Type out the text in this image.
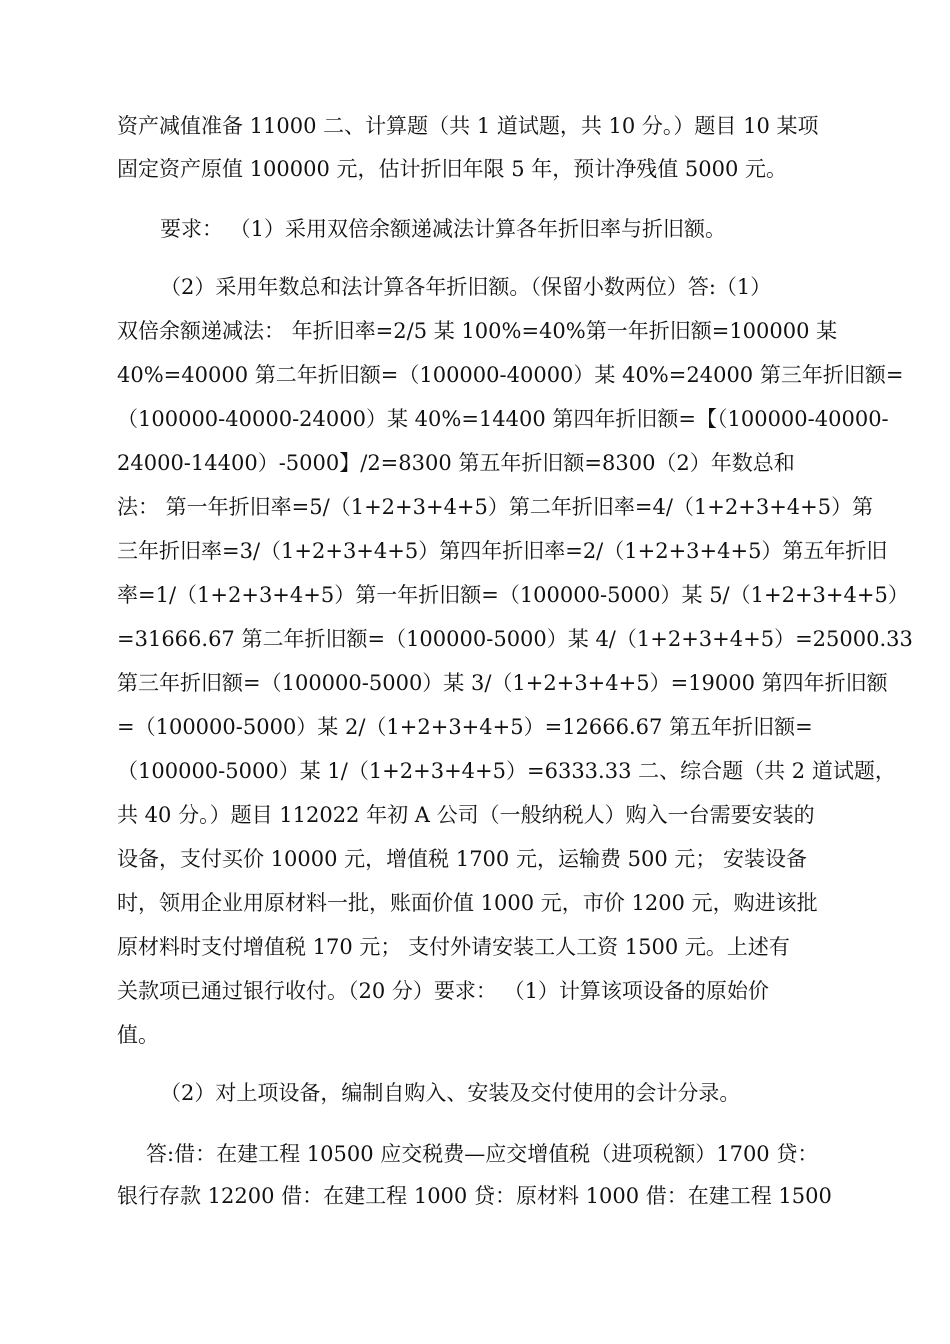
资产减值准备 11000 二、计算题（共 1 道试题，共 10 分。）题目 10 某项
固定资产原值 100000 元，估计折旧年限 5 年，预计净残值 5000 元。
要求： （1）采用双倍余额递减法计算各年折旧率与折旧额。
（2）采用年数总和法计算各年折旧额。（保留小数两位）答:（1）
双倍余额递减法： 年折旧率=2/5 某 100%=40%第一年折旧额=100000 某
40%=40000 第二年折旧额=（100000-40000）某 40%=24000 第三年折旧额=
（100000-40000-24000）某 40%=14400 第四年折旧额=【（100000-40000-
24000-14400）-5000】/2=8300 第五年折旧额=8300（2）年数总和
法： 第一年折旧率=5/（1+2+3+4+5）第二年折旧率=4/（1+2+3+4+5）第
三年折旧率=3/（1+2+3+4+5）第四年折旧率=2/（1+2+3+4+5）第五年折旧
率=1/（1+2+3+4+5）第一年折旧额=（100000-5000）某 5/（1+2+3+4+5）
=31666.67 第二年折旧额=（100000-5000）某 4/（1+2+3+4+5）=25000.33
第三年折旧额=（100000-5000）某 3/（1+2+3+4+5）=19000 第四年折旧额
=（100000-5000）某 2/（1+2+3+4+5）=12666.67 第五年折旧额=
（100000-5000）某 1/（1+2+3+4+5）=6333.33 二、综合题（共 2 道试题，
共 40 分。）题目 112022 年初 A 公司（一般纳税人）购入一台需要安装的
设备，支付买价 10000 元，增值税 1700 元，运输费 500 元； 安装设备
时，领用企业用原材料一批，账面价值 1000 元，市价 1200 元，购进该批
原材料时支付增值税 170 元； 支付外请安装工人工资 1500 元。上述有
关款项已通过银行收付。（20 分）要求： （1）计算该项设备的原始价
值。
（2）对上项设备，编制自购入、安装及交付使用的会计分录。
答:借：在建工程 10500 应交税费—应交增值税（进项税额）1700 贷：
银行存款 12200 借：在建工程 1000 贷：原材料 1000 借：在建工程 1500
